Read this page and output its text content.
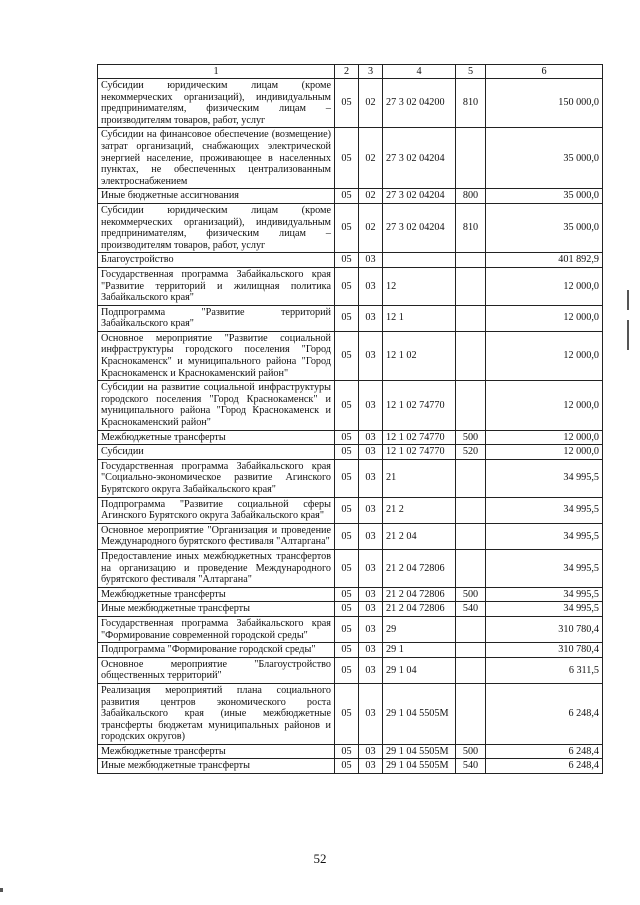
1	2	3	4	5	6
Субсидии юридическим лицам (кроме некоммерческих организаций), индивидуальным предпринимателям, физическим лицам – производителям товаров, работ, услуг	05	02	27 3 02 04200	810	150 000,0
Субсидии на финансовое обеспечение (возмещение) затрат организаций, снабжающих электрической энергией население, проживающее в населенных пунктах, не обеспеченных централизованным электроснабжением	05	02	27 3 02 04204		35 000,0
Иные бюджетные ассигнования	05	02	27 3 02 04204	800	35 000,0
Субсидии юридическим лицам (кроме некоммерческих организаций), индивидуальным предпринимателям, физическим лицам – производителям товаров, работ, услуг	05	02	27 3 02 04204	810	35 000,0
Благоустройство	05	03			401 892,9
Государственная программа Забайкальского края "Развитие территорий и жилищная политика Забайкальского края"	05	03	12		12 000,0
Подпрограмма "Развитие территорий Забайкальского края"	05	03	12 1		12 000,0
Основное мероприятие "Развитие социальной инфраструктуры городского поселения "Город Краснокаменск" и муниципального района "Город Краснокаменск и Краснокаменский район"	05	03	12 1 02		12 000,0
Субсидии на развитие социальной инфраструктуры городского поселения "Город Краснокаменск" и муниципального района "Город Краснокаменск и Краснокаменский район"	05	03	12 1 02 74770		12 000,0
Межбюджетные трансферты	05	03	12 1 02 74770	500	12 000,0
Субсидии	05	03	12 1 02 74770	520	12 000,0
Государственная программа Забайкальского края "Социально-экономическое развитие Агинского Бурятского округа Забайкальского края"	05	03	21		34 995,5
Подпрограмма "Развитие социальной сферы Агинского Бурятского округа Забайкальского края"	05	03	21 2		34 995,5
Основное мероприятие "Организация и проведение Международного бурятского фестиваля "Алтаргана"	05	03	21 2 04		34 995,5
Предоставление иных межбюджетных трансфертов на организацию и проведение Международного бурятского фестиваля "Алтаргана"	05	03	21 2 04 72806		34 995,5
Межбюджетные трансферты	05	03	21 2 04 72806	500	34 995,5
Иные межбюджетные трансферты	05	03	21 2 04 72806	540	34 995,5
Государственная программа Забайкальского края "Формирование современной городской среды"	05	03	29		310 780,4
Подпрограмма "Формирование городской среды"	05	03	29 1		310 780,4
Основное мероприятие "Благоустройство общественных территорий"	05	03	29 1 04		6 311,5
Реализация мероприятий плана социального развития центров экономического роста Забайкальского края (иные межбюджетные трансферты бюджетам муниципальных районов и городских округов)	05	03	29 1 04 5505M		6 248,4
Межбюджетные трансферты	05	03	29 1 04 5505M	500	6 248,4
Иные межбюджетные трансферты	05	03	29 1 04 5505M	540	6 248,4
52
